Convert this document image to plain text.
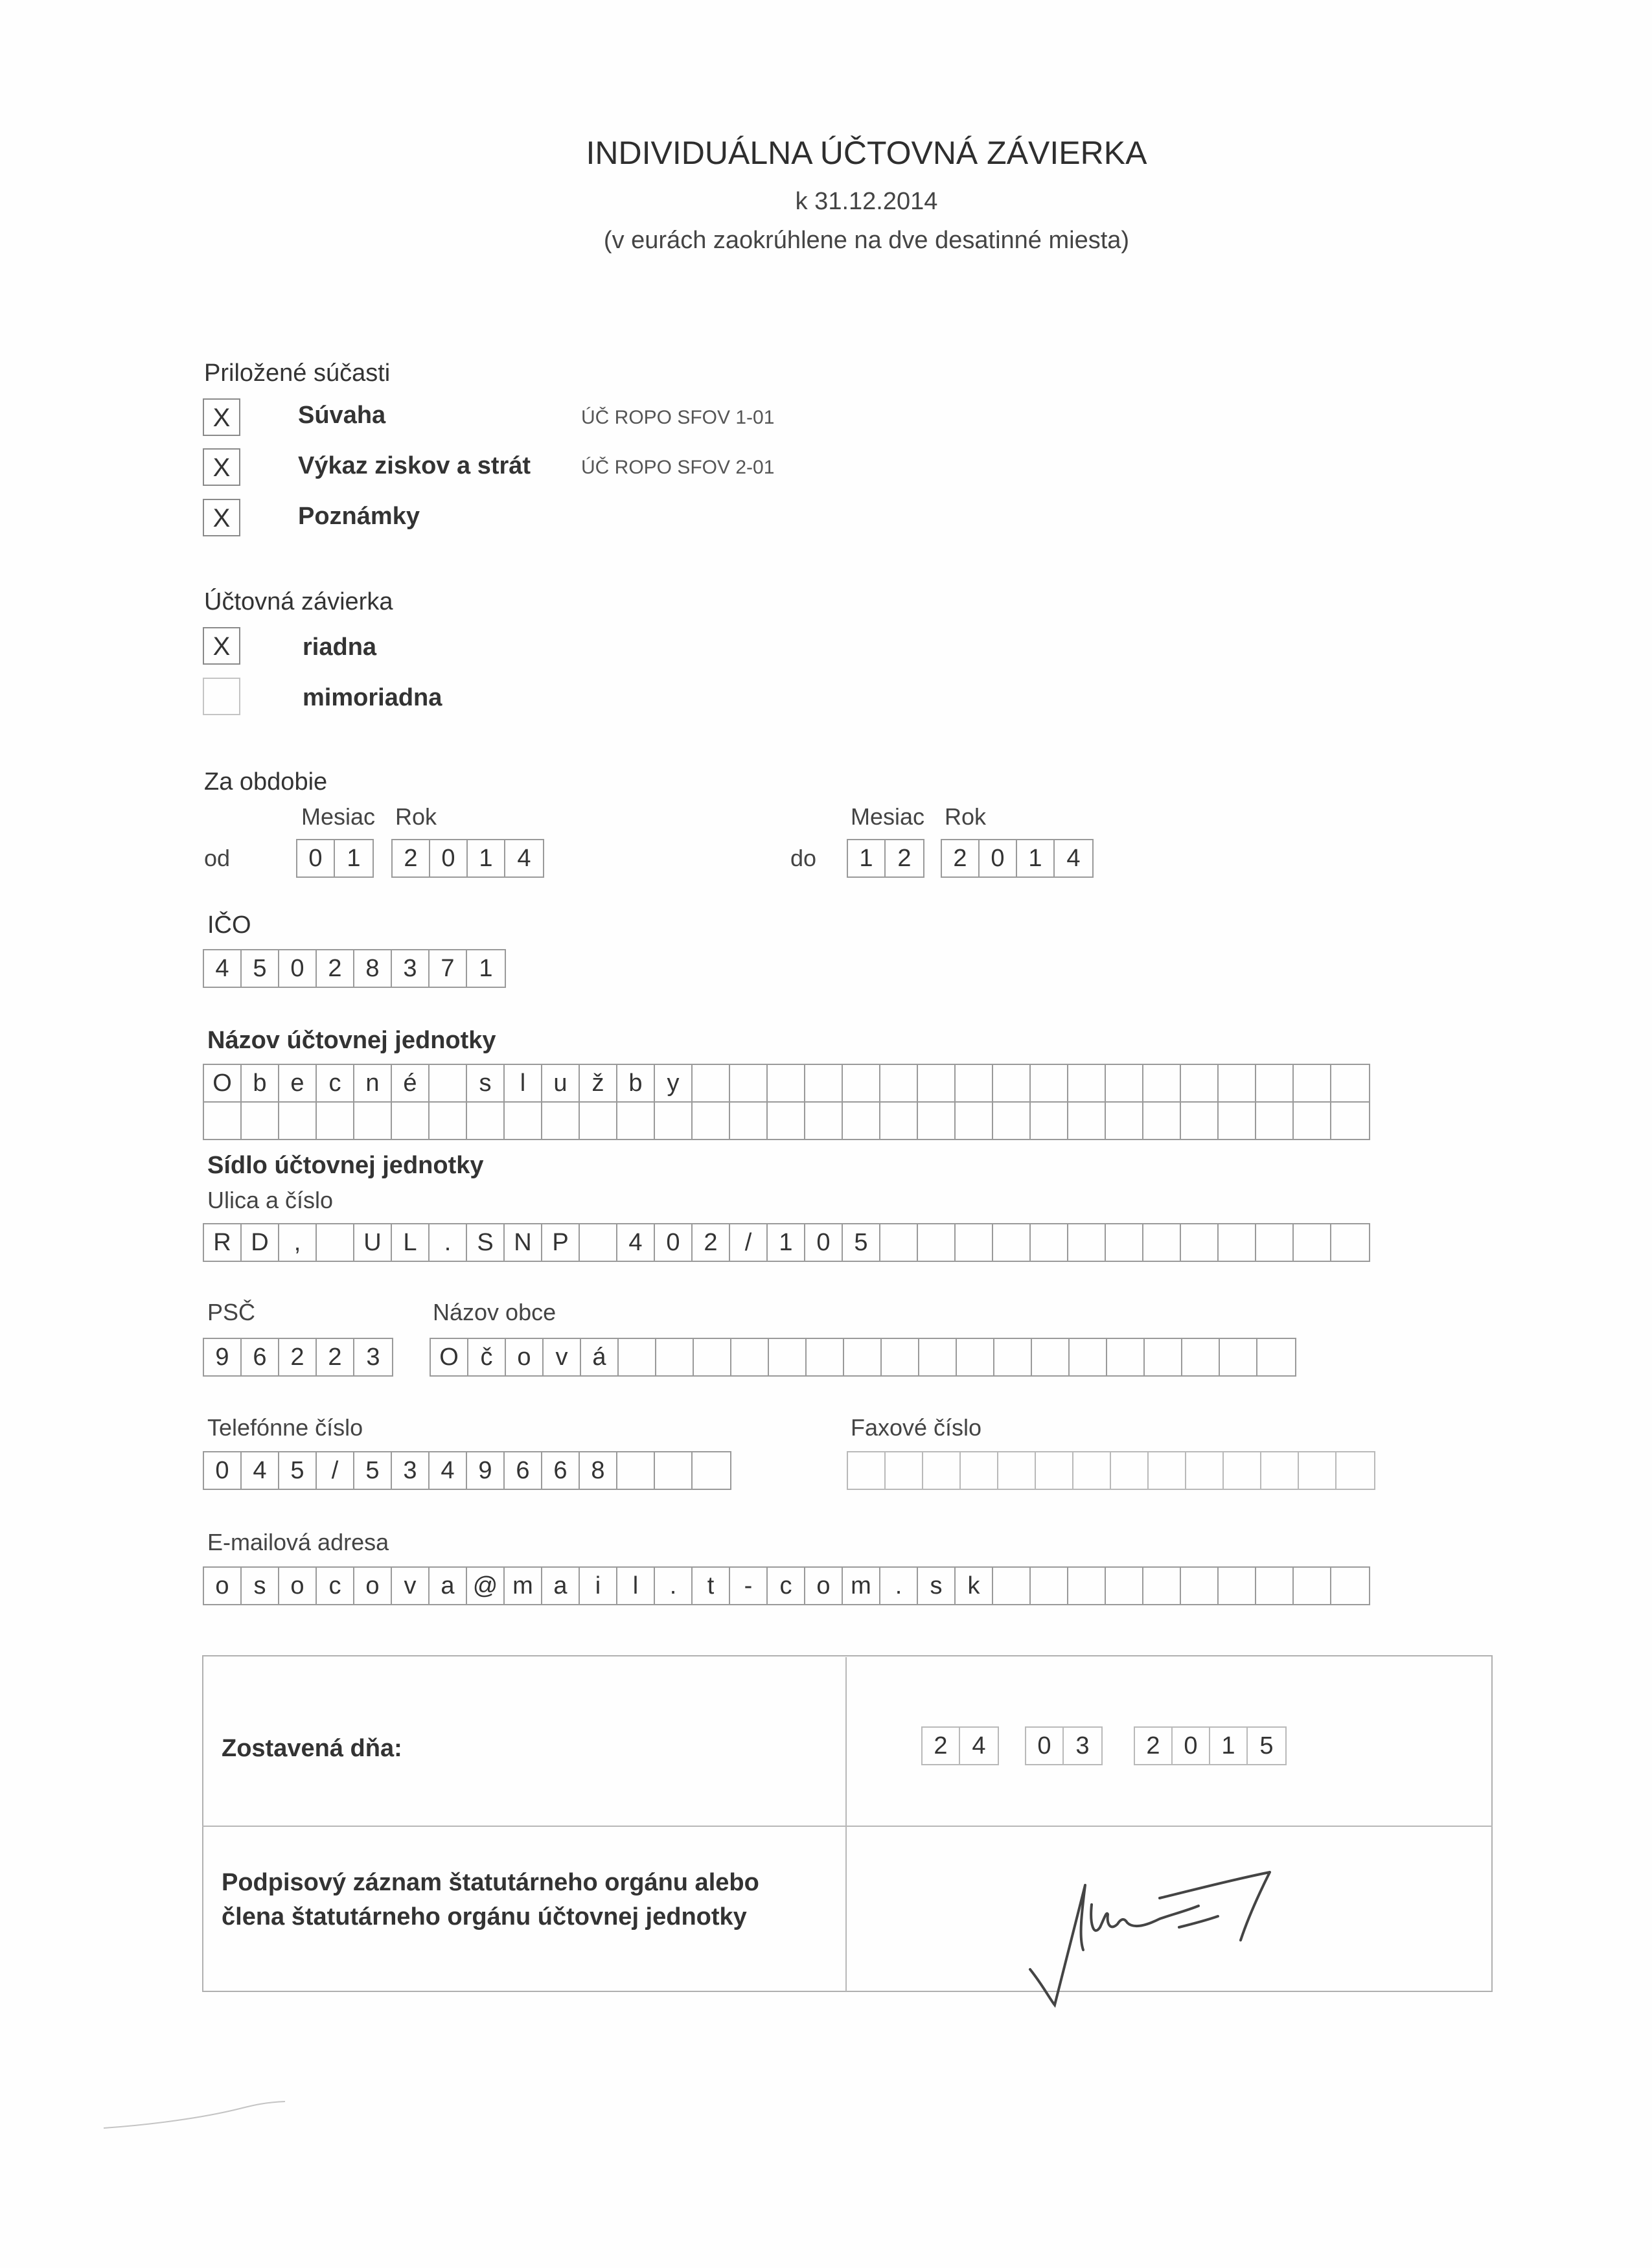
INDIVIDUÁLNA ÚČTOVNÁ ZÁVIERKA
k 31.12.2014
(v eurách zaokrúhlene na dve desatinné miesta)
Priložené súčasti
X	Súvaha	ÚČ ROPO SFOV 1-01
X	Výkaz ziskov a strát	ÚČ ROPO SFOV 2-01
X	Poznámky
Účtovná závierka
X	riadna
mimoriadna
Za obdobie
Mesiac Rok	Mesiac Rok
od	do
0 1	2 0 1 4	1 2	2 0 1 4
IČO
4 5 0 2 8 3 7 1
Názov účtovnej jednotky
O b e c n é	s	l	u ž b y
Sídlo účtovnej jednotky
Ulica a číslo
R D	,	U L	.	S N P	4 0 2	/	1 0 5
PSČ	Názov obce
9 6 2 2 3	O č o v á
Telefónne číslo	Faxové číslo
0 4 5	/	5 3 4 9 6 6 8
E-mailová adresa
o s o c o v a @ m a	i	l	.	t	-	c o m .	s	k
Zostavená dňa:	2 4	0 3	2 0 1 5
Podpisový záznam štatutárneho orgánu alebo
člena štatutárneho orgánu účtovnej jednotky
